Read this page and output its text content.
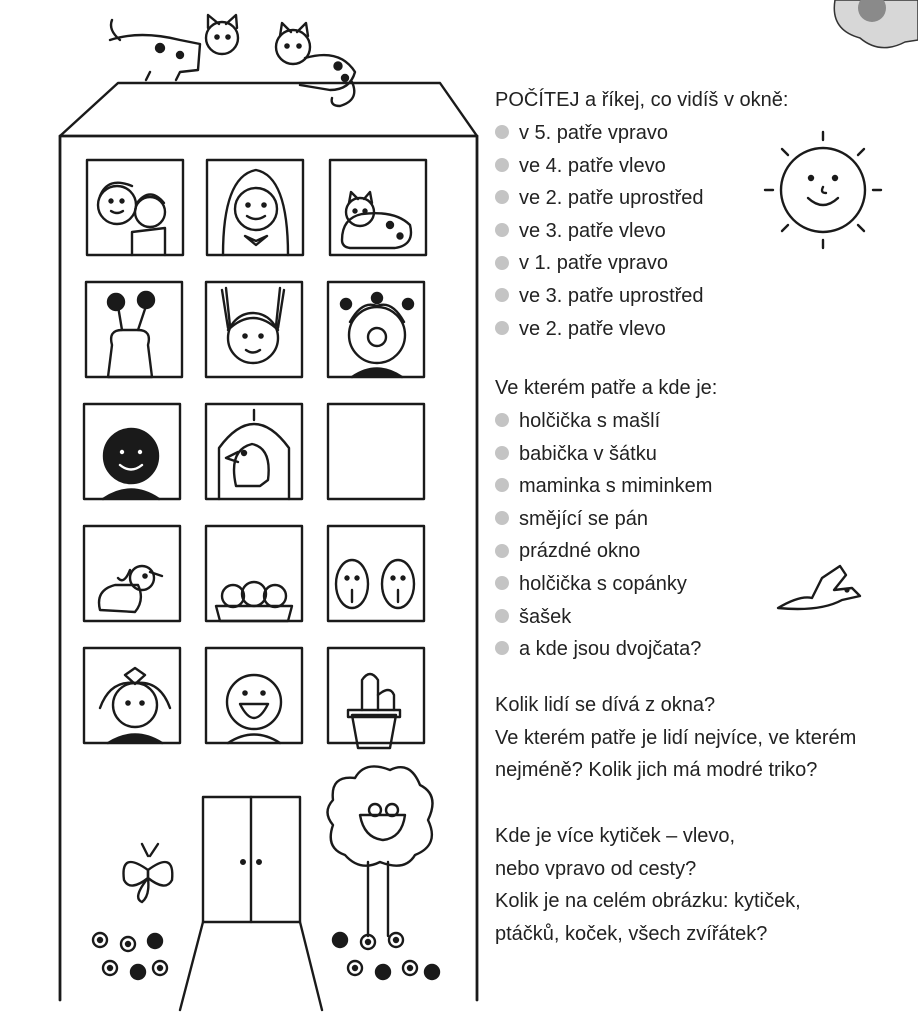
POČÍTEJ a říkej, co vidíš v okně:
v 5. patře vpravo
ve 4. patře vlevo
ve 2. patře uprostřed
ve 3. patře vlevo
v 1. patře vpravo
ve 3. patře uprostřed
ve 2. patře vlevo
Ve kterém patře a kde je:
holčička s mašlí
babička v šátku
maminka s miminkem
smějící se pán
prázdné okno
holčička s copánky
šašek
a kde jsou dvojčata?
Kolik lidí se dívá z okna?
Ve kterém patře je lidí nejvíce, ve kterém
nejméně? Kolik jich má modré triko?
Kde je více kytiček – vlevo,
nebo vpravo od cesty?
Kolik je na celém obrázku: kytiček,
ptáčků, koček, všech zvířátek?
